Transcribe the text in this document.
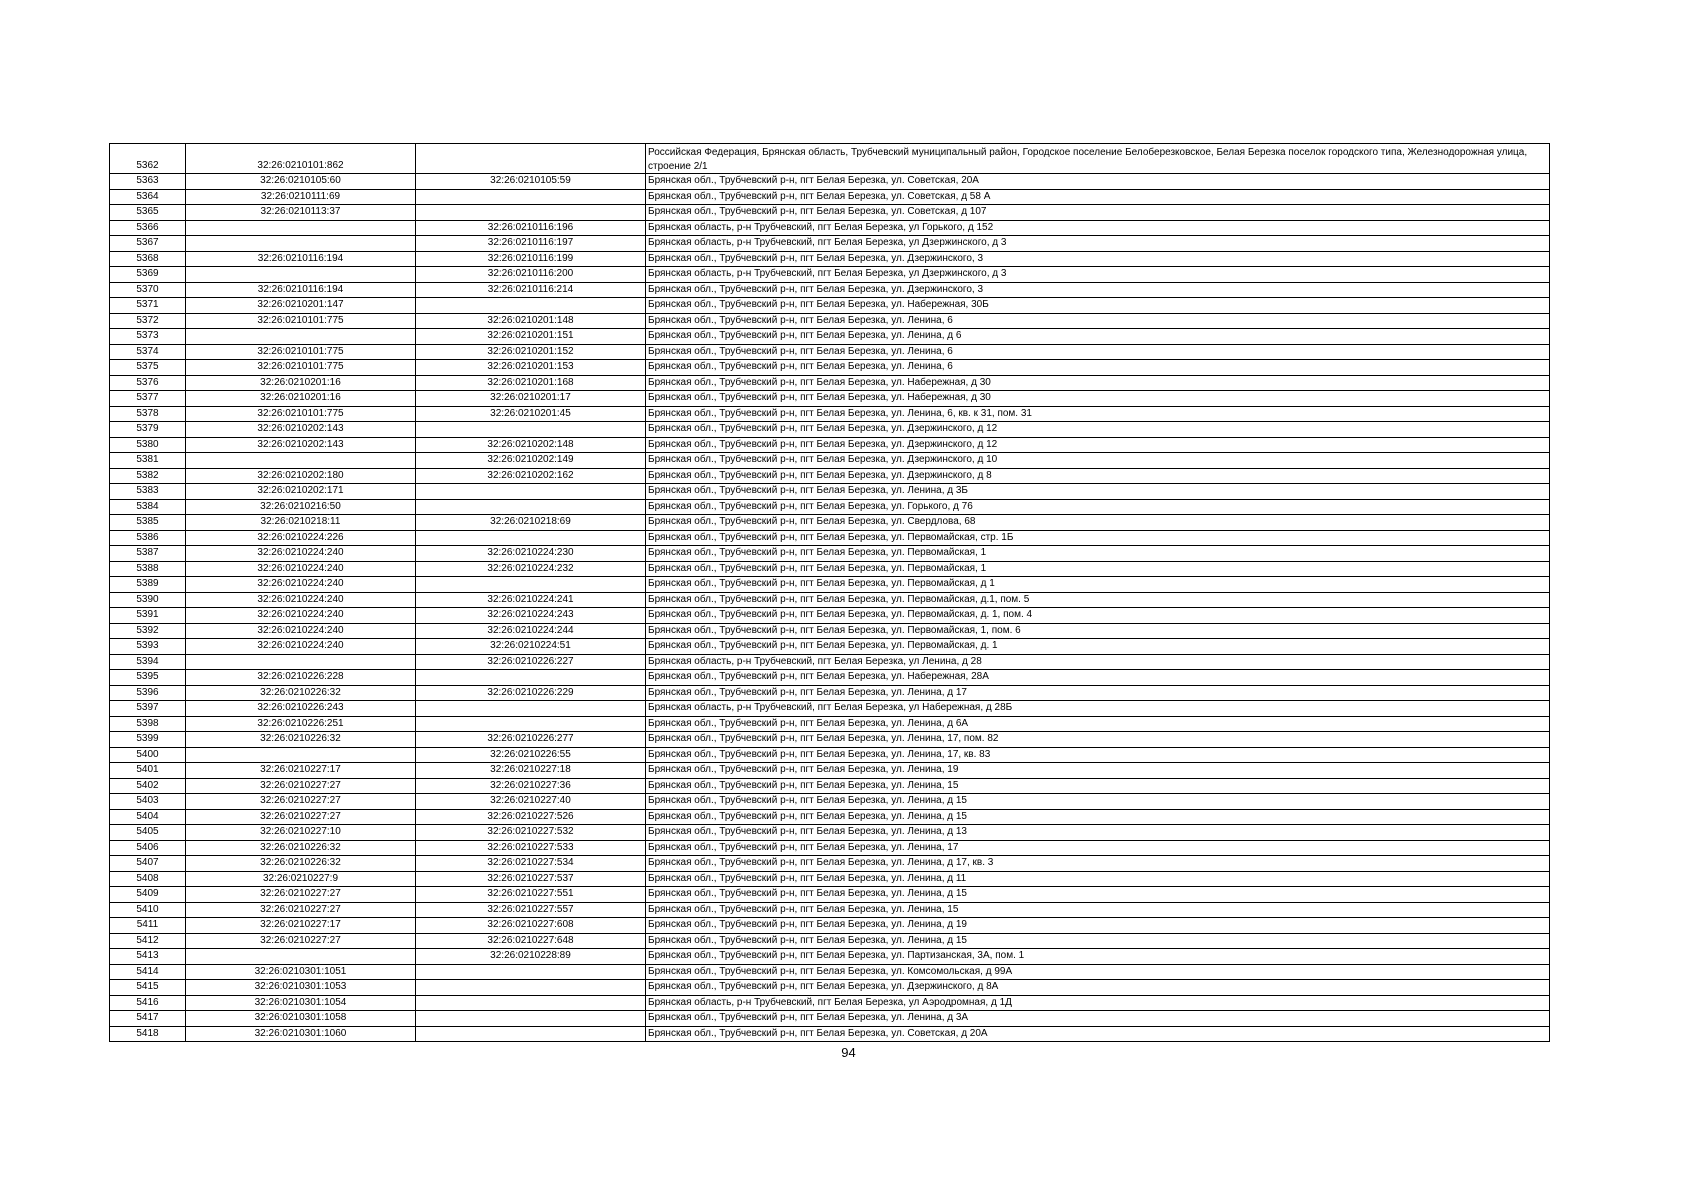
5362	32:26:0210101:862		Российская Федерация, Брянская область, Трубчевский муниципальный район, Городское поселение Белоберезковское, Белая Березка поселок городского типа, Железнодорожная улица, строение 2/1
5363	32:26:0210105:60	32:26:0210105:59	Брянская обл., Трубчевский р-н, пгт Белая Березка, ул. Советская, 20А
5364	32:26:0210111:69		Брянская обл., Трубчевский р-н, пгт Белая Березка, ул. Советская, д 58 А
5365	32:26:0210113:37		Брянская обл., Трубчевский р-н, пгт Белая Березка, ул. Советская, д 107
5366		32:26:0210116:196	Брянская область, р-н Трубчевский, пгт Белая Березка, ул Горького, д 152
5367		32:26:0210116:197	Брянская область, р-н Трубчевский, пгт Белая Березка, ул Дзержинского, д 3
5368	32:26:0210116:194	32:26:0210116:199	Брянская обл., Трубчевский р-н, пгт Белая Березка, ул. Дзержинского, 3
5369		32:26:0210116:200	Брянская область, р-н Трубчевский, пгт Белая Березка, ул Дзержинского, д 3
5370	32:26:0210116:194	32:26:0210116:214	Брянская обл., Трубчевский р-н, пгт Белая Березка, ул. Дзержинского, 3
5371	32:26:0210201:147		Брянская обл., Трубчевский р-н, пгт Белая Березка, ул. Набережная, 30Б
5372	32:26:0210101:775	32:26:0210201:148	Брянская обл., Трубчевский р-н, пгт Белая Березка, ул. Ленина, 6
5373		32:26:0210201:151	Брянская обл., Трубчевский р-н, пгт Белая Березка, ул. Ленина, д 6
5374	32:26:0210101:775	32:26:0210201:152	Брянская обл., Трубчевский р-н, пгт Белая Березка, ул. Ленина, 6
5375	32:26:0210101:775	32:26:0210201:153	Брянская обл., Трубчевский р-н, пгт Белая Березка, ул. Ленина, 6
5376	32:26:0210201:16	32:26:0210201:168	Брянская обл., Трубчевский р-н, пгт Белая Березка, ул. Набережная, д 30
5377	32:26:0210201:16	32:26:0210201:17	Брянская обл., Трубчевский р-н, пгт Белая Березка, ул. Набережная, д 30
5378	32:26:0210101:775	32:26:0210201:45	Брянская обл., Трубчевский р-н, пгт Белая Березка, ул. Ленина, 6, кв. к 31, пом. 31
5379	32:26:0210202:143		Брянская обл., Трубчевский р-н, пгт Белая Березка, ул. Дзержинского, д 12
5380	32:26:0210202:143	32:26:0210202:148	Брянская обл., Трубчевский р-н, пгт Белая Березка, ул. Дзержинского, д 12
5381		32:26:0210202:149	Брянская обл., Трубчевский р-н, пгт Белая Березка, ул. Дзержинского, д 10
5382	32:26:0210202:180	32:26:0210202:162	Брянская обл., Трубчевский р-н, пгт Белая Березка, ул. Дзержинского, д 8
5383	32:26:0210202:171		Брянская обл., Трубчевский р-н, пгт Белая Березка, ул. Ленина, д 3Б
5384	32:26:0210216:50		Брянская обл., Трубчевский р-н, пгт Белая Березка, ул. Горького, д 76
5385	32:26:0210218:11	32:26:0210218:69	Брянская обл., Трубчевский р-н, пгт Белая Березка, ул. Свердлова, 68
5386	32:26:0210224:226		Брянская обл., Трубчевский р-н, пгт Белая Березка, ул. Первомайская, стр. 1Б
5387	32:26:0210224:240	32:26:0210224:230	Брянская обл., Трубчевский р-н, пгт Белая Березка, ул. Первомайская, 1
5388	32:26:0210224:240	32:26:0210224:232	Брянская обл., Трубчевский р-н, пгт Белая Березка, ул. Первомайская, 1
5389	32:26:0210224:240		Брянская обл., Трубчевский р-н, пгт Белая Березка, ул. Первомайская, д 1
5390	32:26:0210224:240	32:26:0210224:241	Брянская обл., Трубчевский р-н, пгт Белая Березка, ул. Первомайская, д.1, пом. 5
5391	32:26:0210224:240	32:26:0210224:243	Брянская обл., Трубчевский р-н, пгт Белая Березка, ул. Первомайская, д. 1, пом. 4
5392	32:26:0210224:240	32:26:0210224:244	Брянская обл., Трубчевский р-н, пгт Белая Березка, ул. Первомайская, 1, пом. 6
5393	32:26:0210224:240	32:26:0210224:51	Брянская обл., Трубчевский р-н, пгт Белая Березка, ул. Первомайская, д. 1
5394		32:26:0210226:227	Брянская область, р-н Трубчевский, пгт Белая Березка, ул Ленина, д 28
5395	32:26:0210226:228		Брянская обл., Трубчевский р-н, пгт Белая Березка, ул. Набережная, 28А
5396	32:26:0210226:32	32:26:0210226:229	Брянская обл., Трубчевский р-н, пгт Белая Березка, ул. Ленина, д 17
5397	32:26:0210226:243		Брянская область, р-н Трубчевский, пгт Белая Березка, ул Набережная, д 28Б
5398	32:26:0210226:251		Брянская обл., Трубчевский р-н, пгт Белая Березка, ул. Ленина, д 6А
5399	32:26:0210226:32	32:26:0210226:277	Брянская обл., Трубчевский р-н, пгт Белая Березка, ул. Ленина, 17, пом. 82
5400		32:26:0210226:55	Брянская обл., Трубчевский р-н, пгт Белая Березка, ул. Ленина, 17, кв. 83
5401	32:26:0210227:17	32:26:0210227:18	Брянская обл., Трубчевский р-н, пгт Белая Березка, ул. Ленина, 19
5402	32:26:0210227:27	32:26:0210227:36	Брянская обл., Трубчевский р-н, пгт Белая Березка, ул. Ленина, 15
5403	32:26:0210227:27	32:26:0210227:40	Брянская обл., Трубчевский р-н, пгт Белая Березка, ул. Ленина, д 15
5404	32:26:0210227:27	32:26:0210227:526	Брянская обл., Трубчевский р-н, пгт Белая Березка, ул. Ленина, д 15
5405	32:26:0210227:10	32:26:0210227:532	Брянская обл., Трубчевский р-н, пгт Белая Березка, ул. Ленина, д 13
5406	32:26:0210226:32	32:26:0210227:533	Брянская обл., Трубчевский р-н, пгт Белая Березка, ул. Ленина, 17
5407	32:26:0210226:32	32:26:0210227:534	Брянская обл., Трубчевский р-н, пгт Белая Березка, ул. Ленина, д 17, кв. 3
5408	32:26:0210227:9	32:26:0210227:537	Брянская обл., Трубчевский р-н, пгт Белая Березка, ул. Ленина, д 11
5409	32:26:0210227:27	32:26:0210227:551	Брянская обл., Трубчевский р-н, пгт Белая Березка, ул. Ленина, д 15
5410	32:26:0210227:27	32:26:0210227:557	Брянская обл., Трубчевский р-н, пгт Белая Березка, ул. Ленина, 15
5411	32:26:0210227:17	32:26:0210227:608	Брянская обл., Трубчевский р-н, пгт Белая Березка, ул. Ленина, д 19
5412	32:26:0210227:27	32:26:0210227:648	Брянская обл., Трубчевский р-н, пгт Белая Березка, ул. Ленина, д 15
5413		32:26:0210228:89	Брянская обл., Трубчевский р-н, пгт Белая Березка, ул. Партизанская, 3А, пом. 1
5414	32:26:0210301:1051		Брянская обл., Трубчевский р-н, пгт Белая Березка, ул. Комсомольская, д 99А
5415	32:26:0210301:1053		Брянская обл., Трубчевский р-н, пгт Белая Березка, ул. Дзержинского, д 8А
5416	32:26:0210301:1054		Брянская область, р-н Трубчевский, пгт Белая Березка, ул Аэродромная, д 1Д
5417	32:26:0210301:1058		Брянская обл., Трубчевский р-н, пгт Белая Березка, ул. Ленина, д 3А
5418	32:26:0210301:1060		Брянская обл., Трубчевский р-н, пгт Белая Березка, ул. Советская, д 20А
94
